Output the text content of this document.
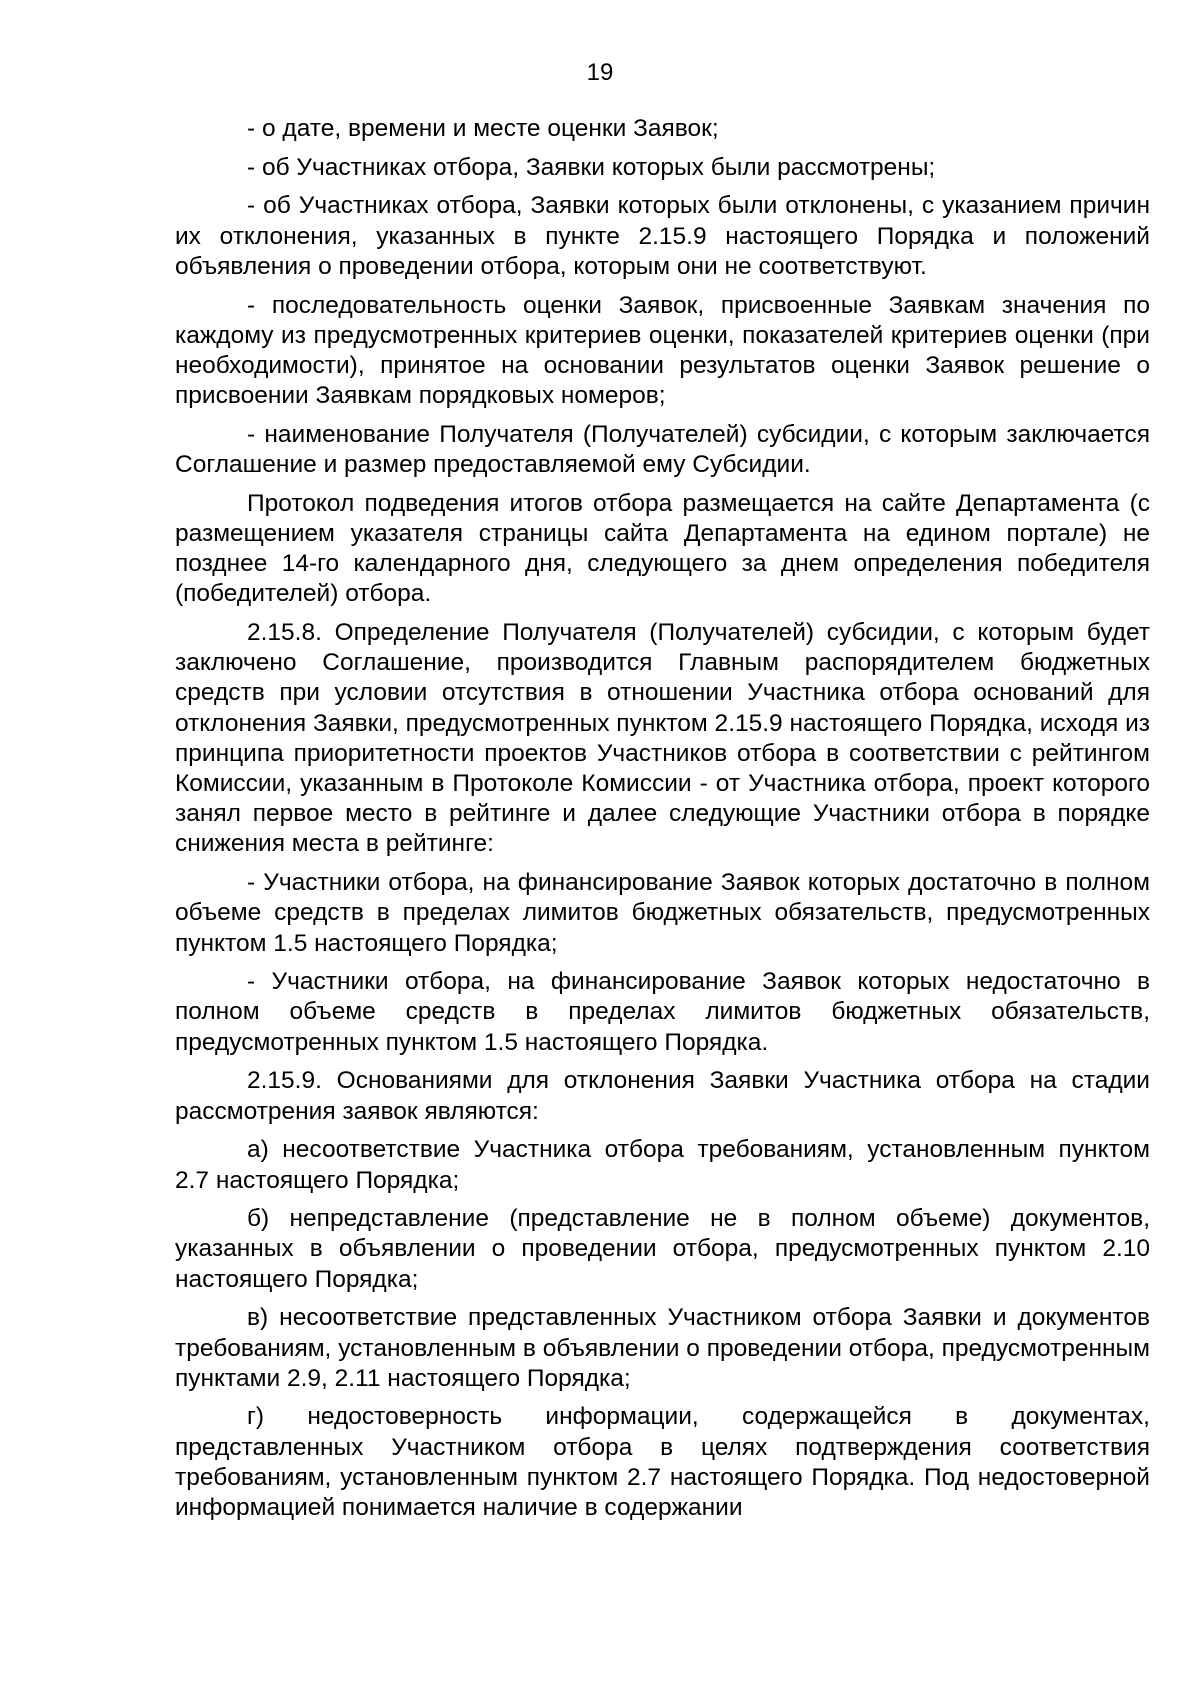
19

- о дате, времени и месте оценки Заявок;

- об Участниках отбора, Заявки которых были рассмотрены;

- об Участниках отбора, Заявки которых были отклонены, с указанием причин их отклонения, указанных в пункте 2.15.9 настоящего Порядка и положений объявления о проведении отбора, которым они не соответствуют.

- последовательность оценки Заявок, присвоенные Заявкам значения по каждому из предусмотренных критериев оценки, показателей критериев оценки (при необходимости), принятое на основании результатов оценки Заявок решение о присвоении Заявкам порядковых номеров;

- наименование Получателя (Получателей) субсидии, с которым заключается Соглашение и размер предоставляемой ему Субсидии.

Протокол подведения итогов отбора размещается на сайте Департамента (с размещением указателя страницы сайта Департамента на едином портале) не позднее 14-го календарного дня, следующего за днем определения победителя (победителей) отбора.

2.15.8. Определение Получателя (Получателей) субсидии, с которым будет заключено Соглашение, производится Главным распорядителем бюджетных средств при условии отсутствия в отношении Участника отбора оснований для отклонения Заявки, предусмотренных пунктом 2.15.9 настоящего Порядка, исходя из принципа приоритетности проектов Участников отбора в соответствии с рейтингом Комиссии, указанным в Протоколе Комиссии - от Участника отбора, проект которого занял первое место в рейтинге и далее следующие Участники отбора в порядке снижения места в рейтинге:

- Участники отбора, на финансирование Заявок которых достаточно в полном объеме средств в пределах лимитов бюджетных обязательств, предусмотренных пунктом 1.5 настоящего Порядка;

- Участники отбора, на финансирование Заявок которых недостаточно в полном объеме средств в пределах лимитов бюджетных обязательств, предусмотренных пунктом 1.5 настоящего Порядка.

2.15.9. Основаниями для отклонения Заявки Участника отбора на стадии рассмотрения заявок являются:

а) несоответствие Участника отбора требованиям, установленным пунктом 2.7 настоящего Порядка;

б) непредставление (представление не в полном объеме) документов, указанных в объявлении о проведении отбора, предусмотренных пунктом 2.10 настоящего Порядка;

в) несоответствие представленных Участником отбора Заявки и документов требованиям, установленным в объявлении о проведении отбора, предусмотренным пунктами 2.9, 2.11 настоящего Порядка;

г) недостоверность информации, содержащейся в документах, представленных Участником отбора в целях подтверждения соответствия требованиям, установленным пунктом 2.7 настоящего Порядка. Под недостоверной информацией понимается наличие в содержании
